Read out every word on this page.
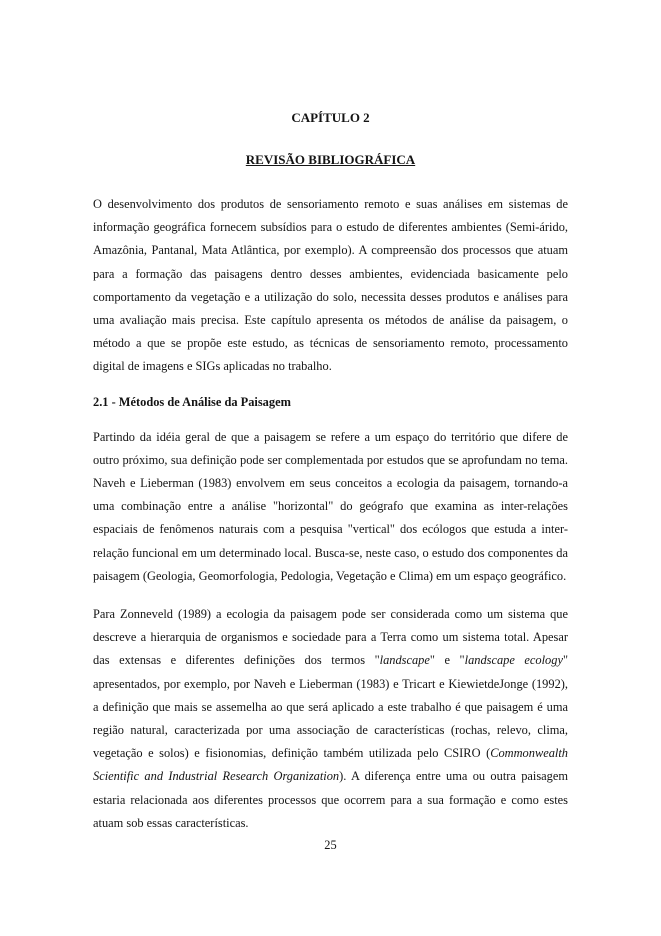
CAPÍTULO 2

REVISÃO BIBLIOGRÁFICA

O desenvolvimento dos produtos de sensoriamento remoto e suas análises em sistemas de informação geográfica fornecem subsídios para o estudo de diferentes ambientes (Semi-árido, Amazônia, Pantanal, Mata Atlântica, por exemplo). A compreensão dos processos que atuam para a formação das paisagens dentro desses ambientes, evidenciada basicamente pelo comportamento da vegetação e a utilização do solo, necessita desses produtos e análises para uma avaliação mais precisa. Este capítulo apresenta os métodos de análise da paisagem, o método a que se propõe este estudo, as técnicas de sensoriamento remoto, processamento digital de imagens e SIGs aplicadas no trabalho.

2.1 - Métodos de Análise da Paisagem

Partindo da idéia geral de que a paisagem se refere a um espaço do território que difere de outro próximo, sua definição pode ser complementada por estudos que se aprofundam no tema. Naveh e Lieberman (1983) envolvem em seus conceitos a ecologia da paisagem, tornando-a uma combinação entre a análise "horizontal" do geógrafo que examina as inter-relações espaciais de fenômenos naturais com a pesquisa "vertical" dos ecólogos que estuda a inter-relação funcional em um determinado local. Busca-se, neste caso, o estudo dos componentes da paisagem (Geologia, Geomorfologia, Pedologia, Vegetação e Clima) em um espaço geográfico.

Para Zonneveld (1989) a ecologia da paisagem pode ser considerada como um sistema que descreve a hierarquia de organismos e sociedade para a Terra como um sistema total. Apesar das extensas e diferentes definições dos termos "landscape" e "landscape ecology" apresentados, por exemplo, por Naveh e Lieberman (1983) e Tricart e KiewietdeJonge (1992), a definição que mais se assemelha ao que será aplicado a este trabalho é que paisagem é uma região natural, caracterizada por uma associação de características (rochas, relevo, clima, vegetação e solos) e fisionomias, definição também utilizada pelo CSIRO (Commonwealth Scientific and Industrial Research Organization). A diferença entre uma ou outra paisagem estaria relacionada aos diferentes processos que ocorrem para a sua formação e como estes atuam sob essas características.

25
